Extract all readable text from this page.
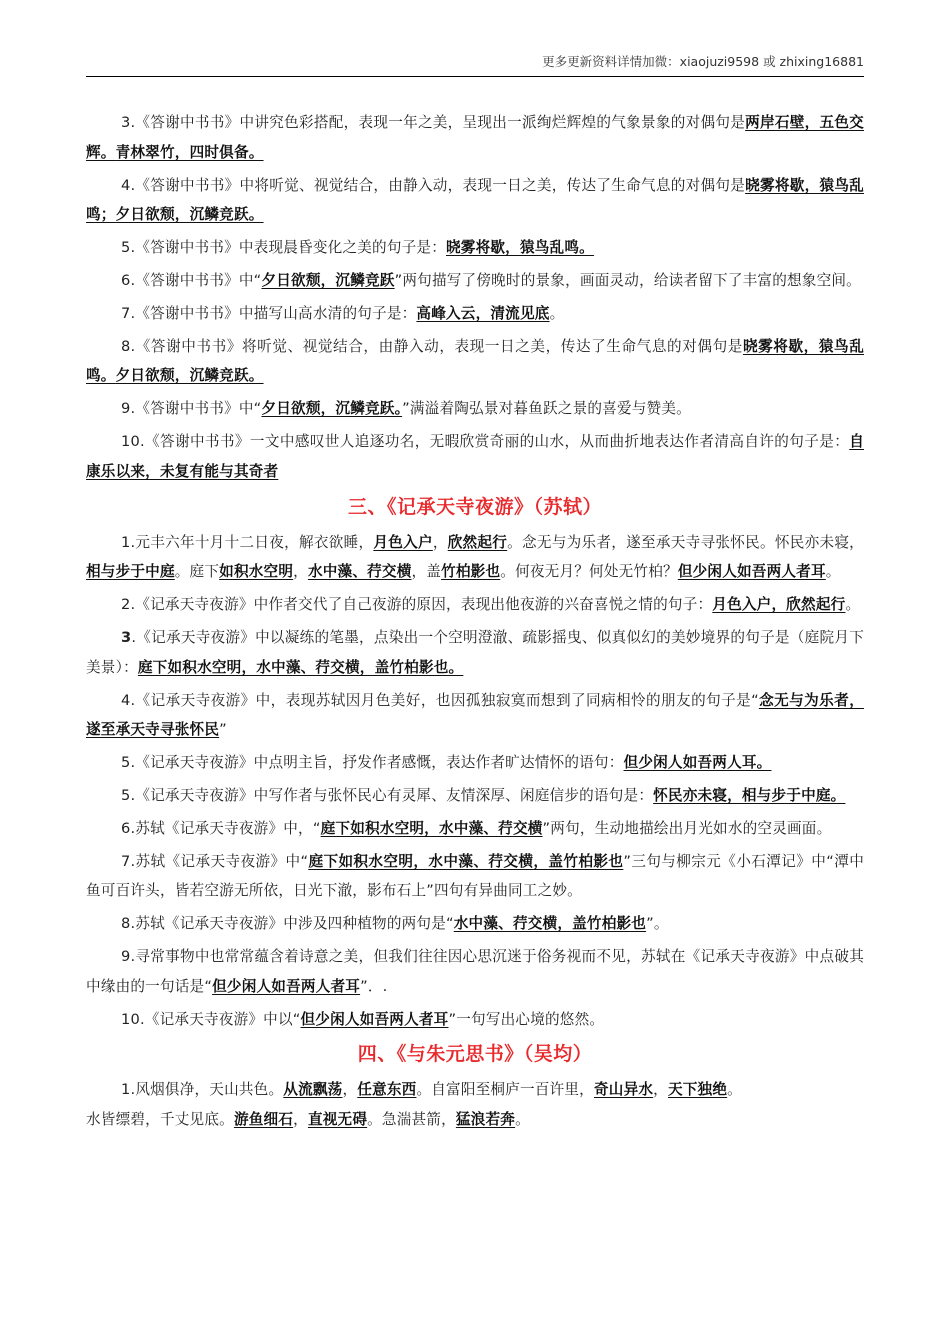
更多更新资料详情加微：xiaojuzi9598 或 zhixing16881

3.《答谢中书书》中讲究色彩搭配，表现一年之美，呈现出一派绚烂辉煌的气象景象的对偶句是两岸石壁，五色交辉。青林翠竹，四时俱备。

4.《答谢中书书》中将听觉、视觉结合，由静入动，表现一日之美，传达了生命气息的对偶句是晓雾将歇，猿鸟乱鸣；夕日欲颓，沉鳞竞跃。

5.《答谢中书书》中表现晨昏变化之美的句子是：晓雾将歇，猿鸟乱鸣。

6.《答谢中书书》中“夕日欲颓，沉鳞竞跃”两句描写了傍晚时的景象，画面灵动，给读者留下了丰富的想象空间。

7.《答谢中书书》中描写山高水清的句子是：高峰入云，清流见底。

8.《答谢中书书》将听觉、视觉结合，由静入动，表现一日之美，传达了生命气息的对偶句是晓雾将歇，猿鸟乱鸣。夕日欲颓，沉鳞竞跃。

9.《答谢中书书》中“夕日欲颓，沉鳞竞跃。”满溢着陶弘景对暮鱼跃之景的喜爱与赞美。

10.《答谢中书书》一文中感叹世人追逐功名，无暇欣赏奇丽的山水，从而曲折地表达作者清高自许的句子是：自康乐以来，未复有能与其奇者

三、《记承天寺夜游》（苏轼）

1.元丰六年十月十二日夜，解衣欲睡，月色入户，欣然起行。念无与为乐者，遂至承天寺寻张怀民。怀民亦未寝，相与步于中庭。庭下如积水空明，水中藻、荇交横，盖竹柏影也。何夜无月？何处无竹柏？但少闲人如吾两人者耳。

2.《记承天寺夜游》中作者交代了自己夜游的原因，表现出他夜游的兴奋喜悦之情的句子：月色入户，欣然起行。

3.《记承天寺夜游》中以凝练的笔墨，点染出一个空明澄澈、疏影摇曳、似真似幻的美妙境界的句子是（庭院月下美景）：庭下如积水空明，水中藻、荇交横，盖竹柏影也。

4.《记承天寺夜游》中，表现苏轼因月色美好，也因孤独寂寞而想到了同病相怜的朋友的句子是“念无与为乐者，遂至承天寺寻张怀民”

5.《记承天寺夜游》中点明主旨，抒发作者感慨，表达作者旷达情怀的语句：但少闲人如吾两人耳。

5.《记承天寺夜游》中写作者与张怀民心有灵犀、友情深厚、闲庭信步的语句是：怀民亦未寝，相与步于中庭。

6.苏轼《记承天寺夜游》中，“庭下如积水空明，水中藻、荇交横”两句，生动地描绘出月光如水的空灵画面。

7.苏轼《记承天寺夜游》中“庭下如积水空明，水中藻、荇交横，盖竹柏影也”三句与柳宗元《小石潭记》中“潭中鱼可百许头，皆若空游无所依，日光下澈，影布石上”四句有异曲同工之妙。

8.苏轼《记承天寺夜游》中涉及四种植物的两句是“水中藻、荇交横，盖竹柏影也”。

9.寻常事物中也常常蕴含着诗意之美，但我们往往因心思沉迷于俗务视而不见，苏轼在《记承天寺夜游》中点破其中缘由的一句话是“但少闲人如吾两人者耳”．.

10.《记承天寺夜游》中以“但少闲人如吾两人者耳”一句写出心境的悠然。

四、《与朱元思书》（吴均）

1.风烟俱净，天山共色。从流飘荡，任意东西。自富阳至桐庐一百许里，奇山异水，天下独绝。

水皆缥碧，千丈见底。游鱼细石，直视无碍。急湍甚箭，猛浪若奔。
